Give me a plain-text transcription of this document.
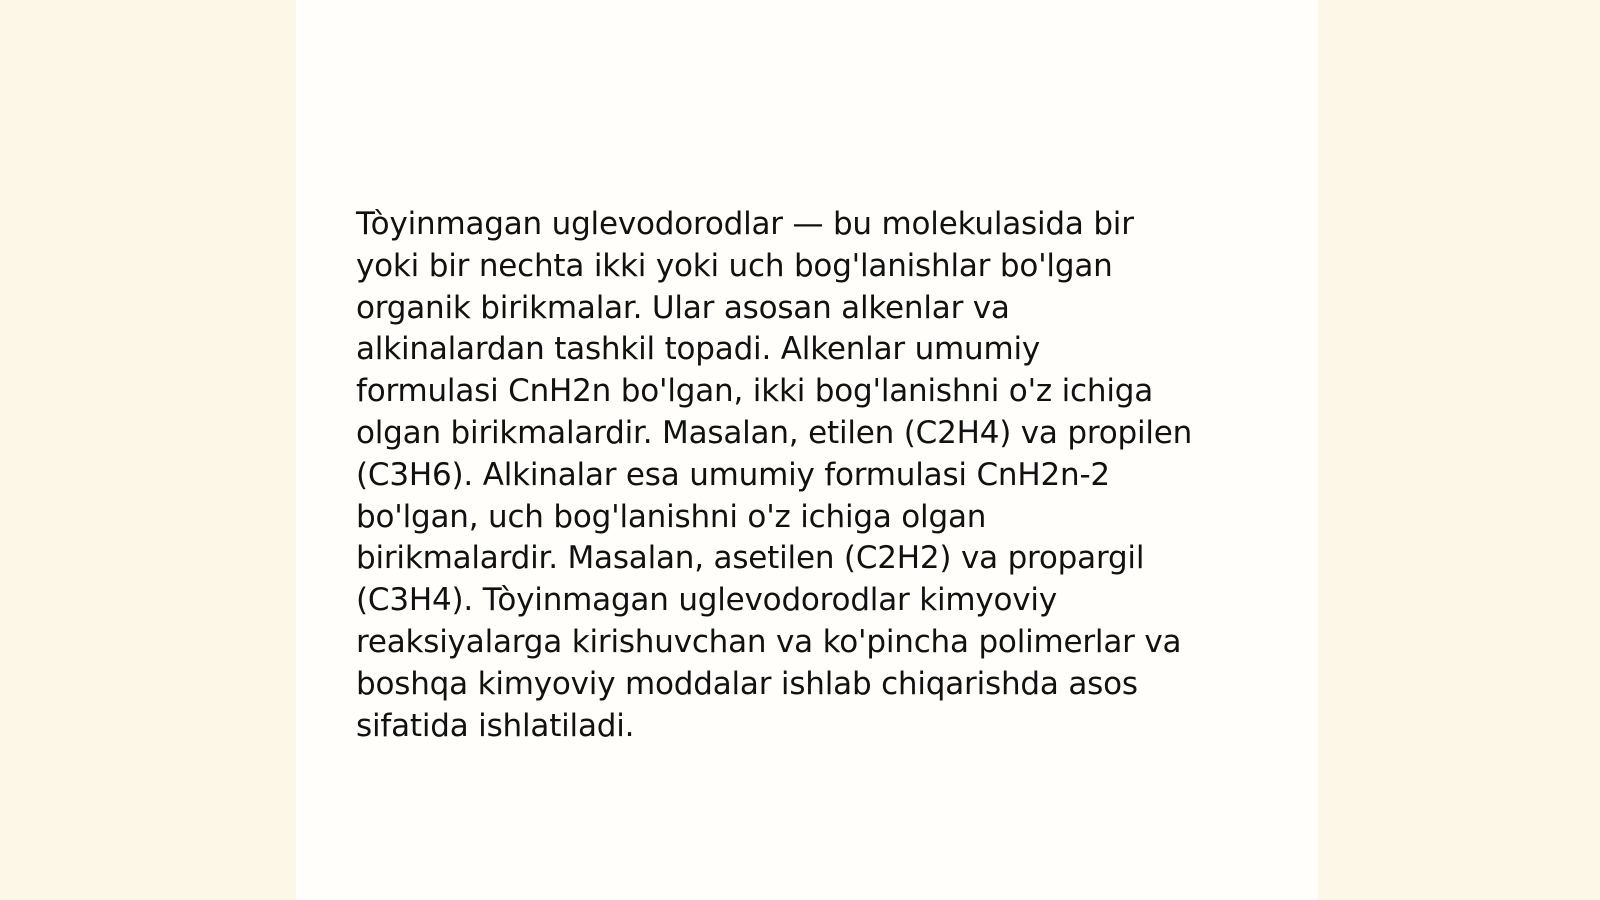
Tòyinmagan uglevodorodlar — bu molekulasida bir
yoki bir nechta ikki yoki uch bog'lanishlar bo'lgan
organik birikmalar. Ular asosan alkenlar va
alkinalardan tashkil topadi. Alkenlar umumiy
formulasi CnH2n bo'lgan, ikki bog'lanishni o'z ichiga
olgan birikmalardir. Masalan, etilen (C2H4) va propilen
(C3H6). Alkinalar esa umumiy formulasi CnH2n-2
bo'lgan, uch bog'lanishni o'z ichiga olgan
birikmalardir. Masalan, asetilen (C2H2) va propargil
(C3H4). Tòyinmagan uglevodorodlar kimyoviy
reaksiyalarga kirishuvchan va ko'pincha polimerlar va
boshqa kimyoviy moddalar ishlab chiqarishda asos
sifatida ishlatiladi.
